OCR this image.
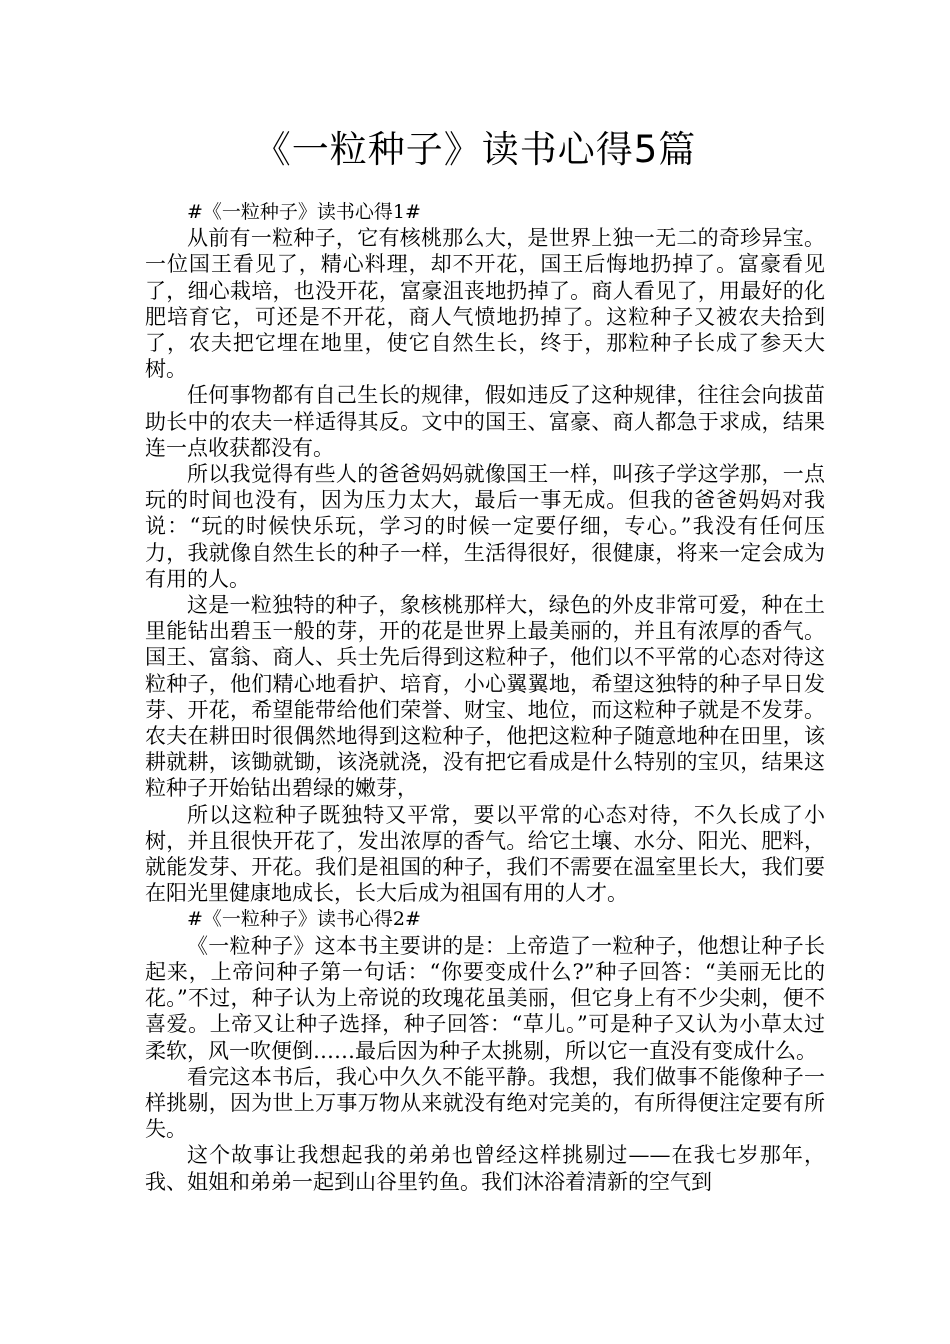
《一粒种子》读书心得5篇

#《一粒种子》读书心得1#

从前有一粒种子，它有核桃那么大，是世界上独一无二的奇珍异宝。一位国王看见了，精心料理，却不开花，国王后悔地扔掉了。富豪看见了，细心栽培，也没开花，富豪沮丧地扔掉了。商人看见了，用最好的化肥培育它，可还是不开花，商人气愤地扔掉了。这粒种子又被农夫拾到了，农夫把它埋在地里，使它自然生长，终于，那粒种子长成了参天大树。

任何事物都有自己生长的规律，假如违反了这种规律，往往会向拔苗助长中的农夫一样适得其反。文中的国王、富豪、商人都急于求成，结果连一点收获都没有。

所以我觉得有些人的爸爸妈妈就像国王一样，叫孩子学这学那，一点玩的时间也没有，因为压力太大，最后一事无成。但我的爸爸妈妈对我说：“玩的时候快乐玩，学习的时候一定要仔细，专心。”我没有任何压力，我就像自然生长的种子一样，生活得很好，很健康，将来一定会成为有用的人。

这是一粒独特的种子，象核桃那样大，绿色的外皮非常可爱，种在土里能钻出碧玉一般的芽，开的花是世界上最美丽的，并且有浓厚的香气。国王、富翁、商人、兵士先后得到这粒种子，他们以不平常的心态对待这粒种子，他们精心地看护、培育，小心翼翼地，希望这独特的种子早日发芽、开花，希望能带给他们荣誉、财宝、地位，而这粒种子就是不发芽。农夫在耕田时很偶然地得到这粒种子，他把这粒种子随意地种在田里，该耕就耕，该锄就锄，该浇就浇，没有把它看成是什么特别的宝贝，结果这粒种子开始钻出碧绿的嫩芽，

所以这粒种子既独特又平常，要以平常的心态对待，不久长成了小树，并且很快开花了，发出浓厚的香气。给它土壤、水分、阳光、肥料，就能发芽、开花。我们是祖国的种子，我们不需要在温室里长大，我们要在阳光里健康地成长，长大后成为祖国有用的人才。

#《一粒种子》读书心得2#

《一粒种子》这本书主要讲的是：上帝造了一粒种子，他想让种子长起来，上帝问种子第一句话：“你要变成什么?”种子回答：“美丽无比的花。”不过，种子认为上帝说的玫瑰花虽美丽，但它身上有不少尖刺，便不喜爱。上帝又让种子选择，种子回答：“草儿。”可是种子又认为小草太过柔软，风一吹便倒……最后因为种子太挑剔，所以它一直没有变成什么。

看完这本书后，我心中久久不能平静。我想，我们做事不能像种子一样挑剔，因为世上万事万物从来就没有绝对完美的，有所得便注定要有所失。

这个故事让我想起我的弟弟也曾经这样挑剔过——在我七岁那年，我、姐姐和弟弟一起到山谷里钓鱼。我们沐浴着清新的空气到
